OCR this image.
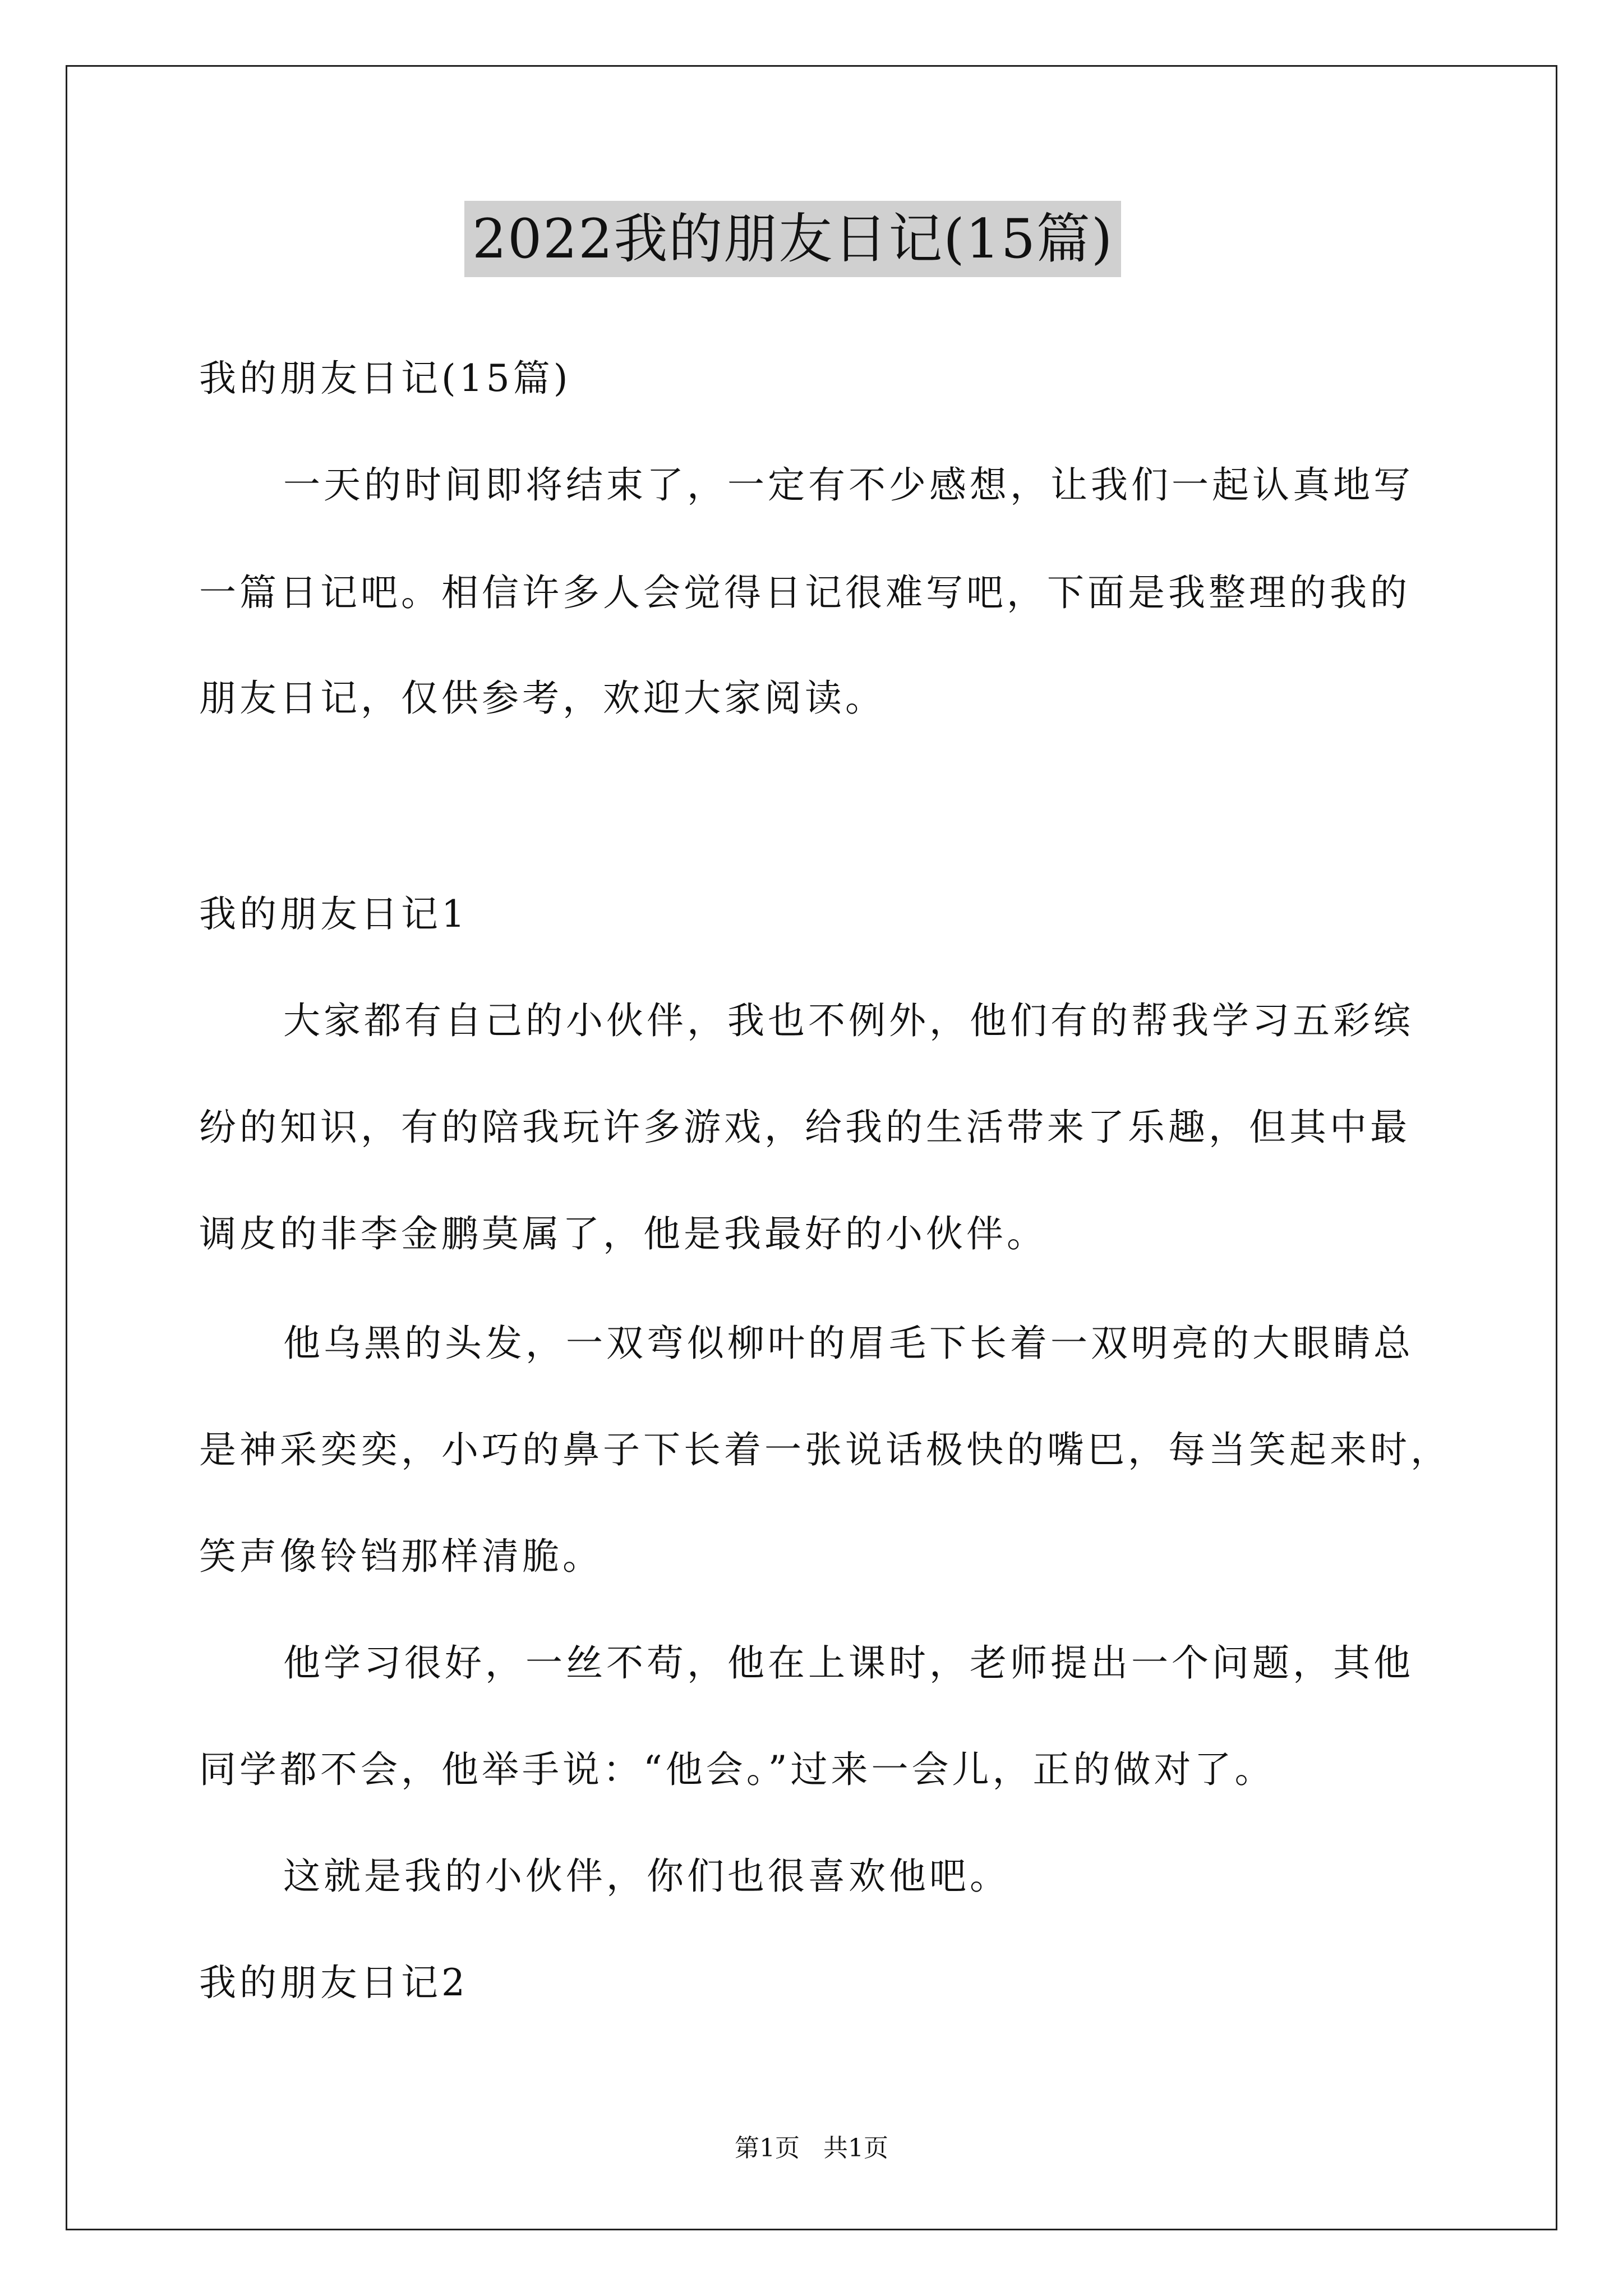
2022我的朋友日记(15篇)
我的朋友日记(15篇)
一天的时间即将结束了，一定有不少感想，让我们一起认真地写
一篇日记吧。相信许多人会觉得日记很难写吧，下面是我整理的我的
朋友日记，仅供参考，欢迎大家阅读。
我的朋友日记1
大家都有自己的小伙伴，我也不例外，他们有的帮我学习五彩缤
纷的知识，有的陪我玩许多游戏，给我的生活带来了乐趣，但其中最
调皮的非李金鹏莫属了，他是我最好的小伙伴。
他乌黑的头发，一双弯似柳叶的眉毛下长着一双明亮的大眼睛总
是神采奕奕，小巧的鼻子下长着一张说话极快的嘴巴，每当笑起来时，
笑声像铃铛那样清脆。
他学习很好，一丝不苟，他在上课时，老师提出一个问题，其他
同学都不会，他举手说：“他会。”过来一会儿，正的做对了。
这就是我的小伙伴，你们也很喜欢他吧。
我的朋友日记2
第1页   共1页
